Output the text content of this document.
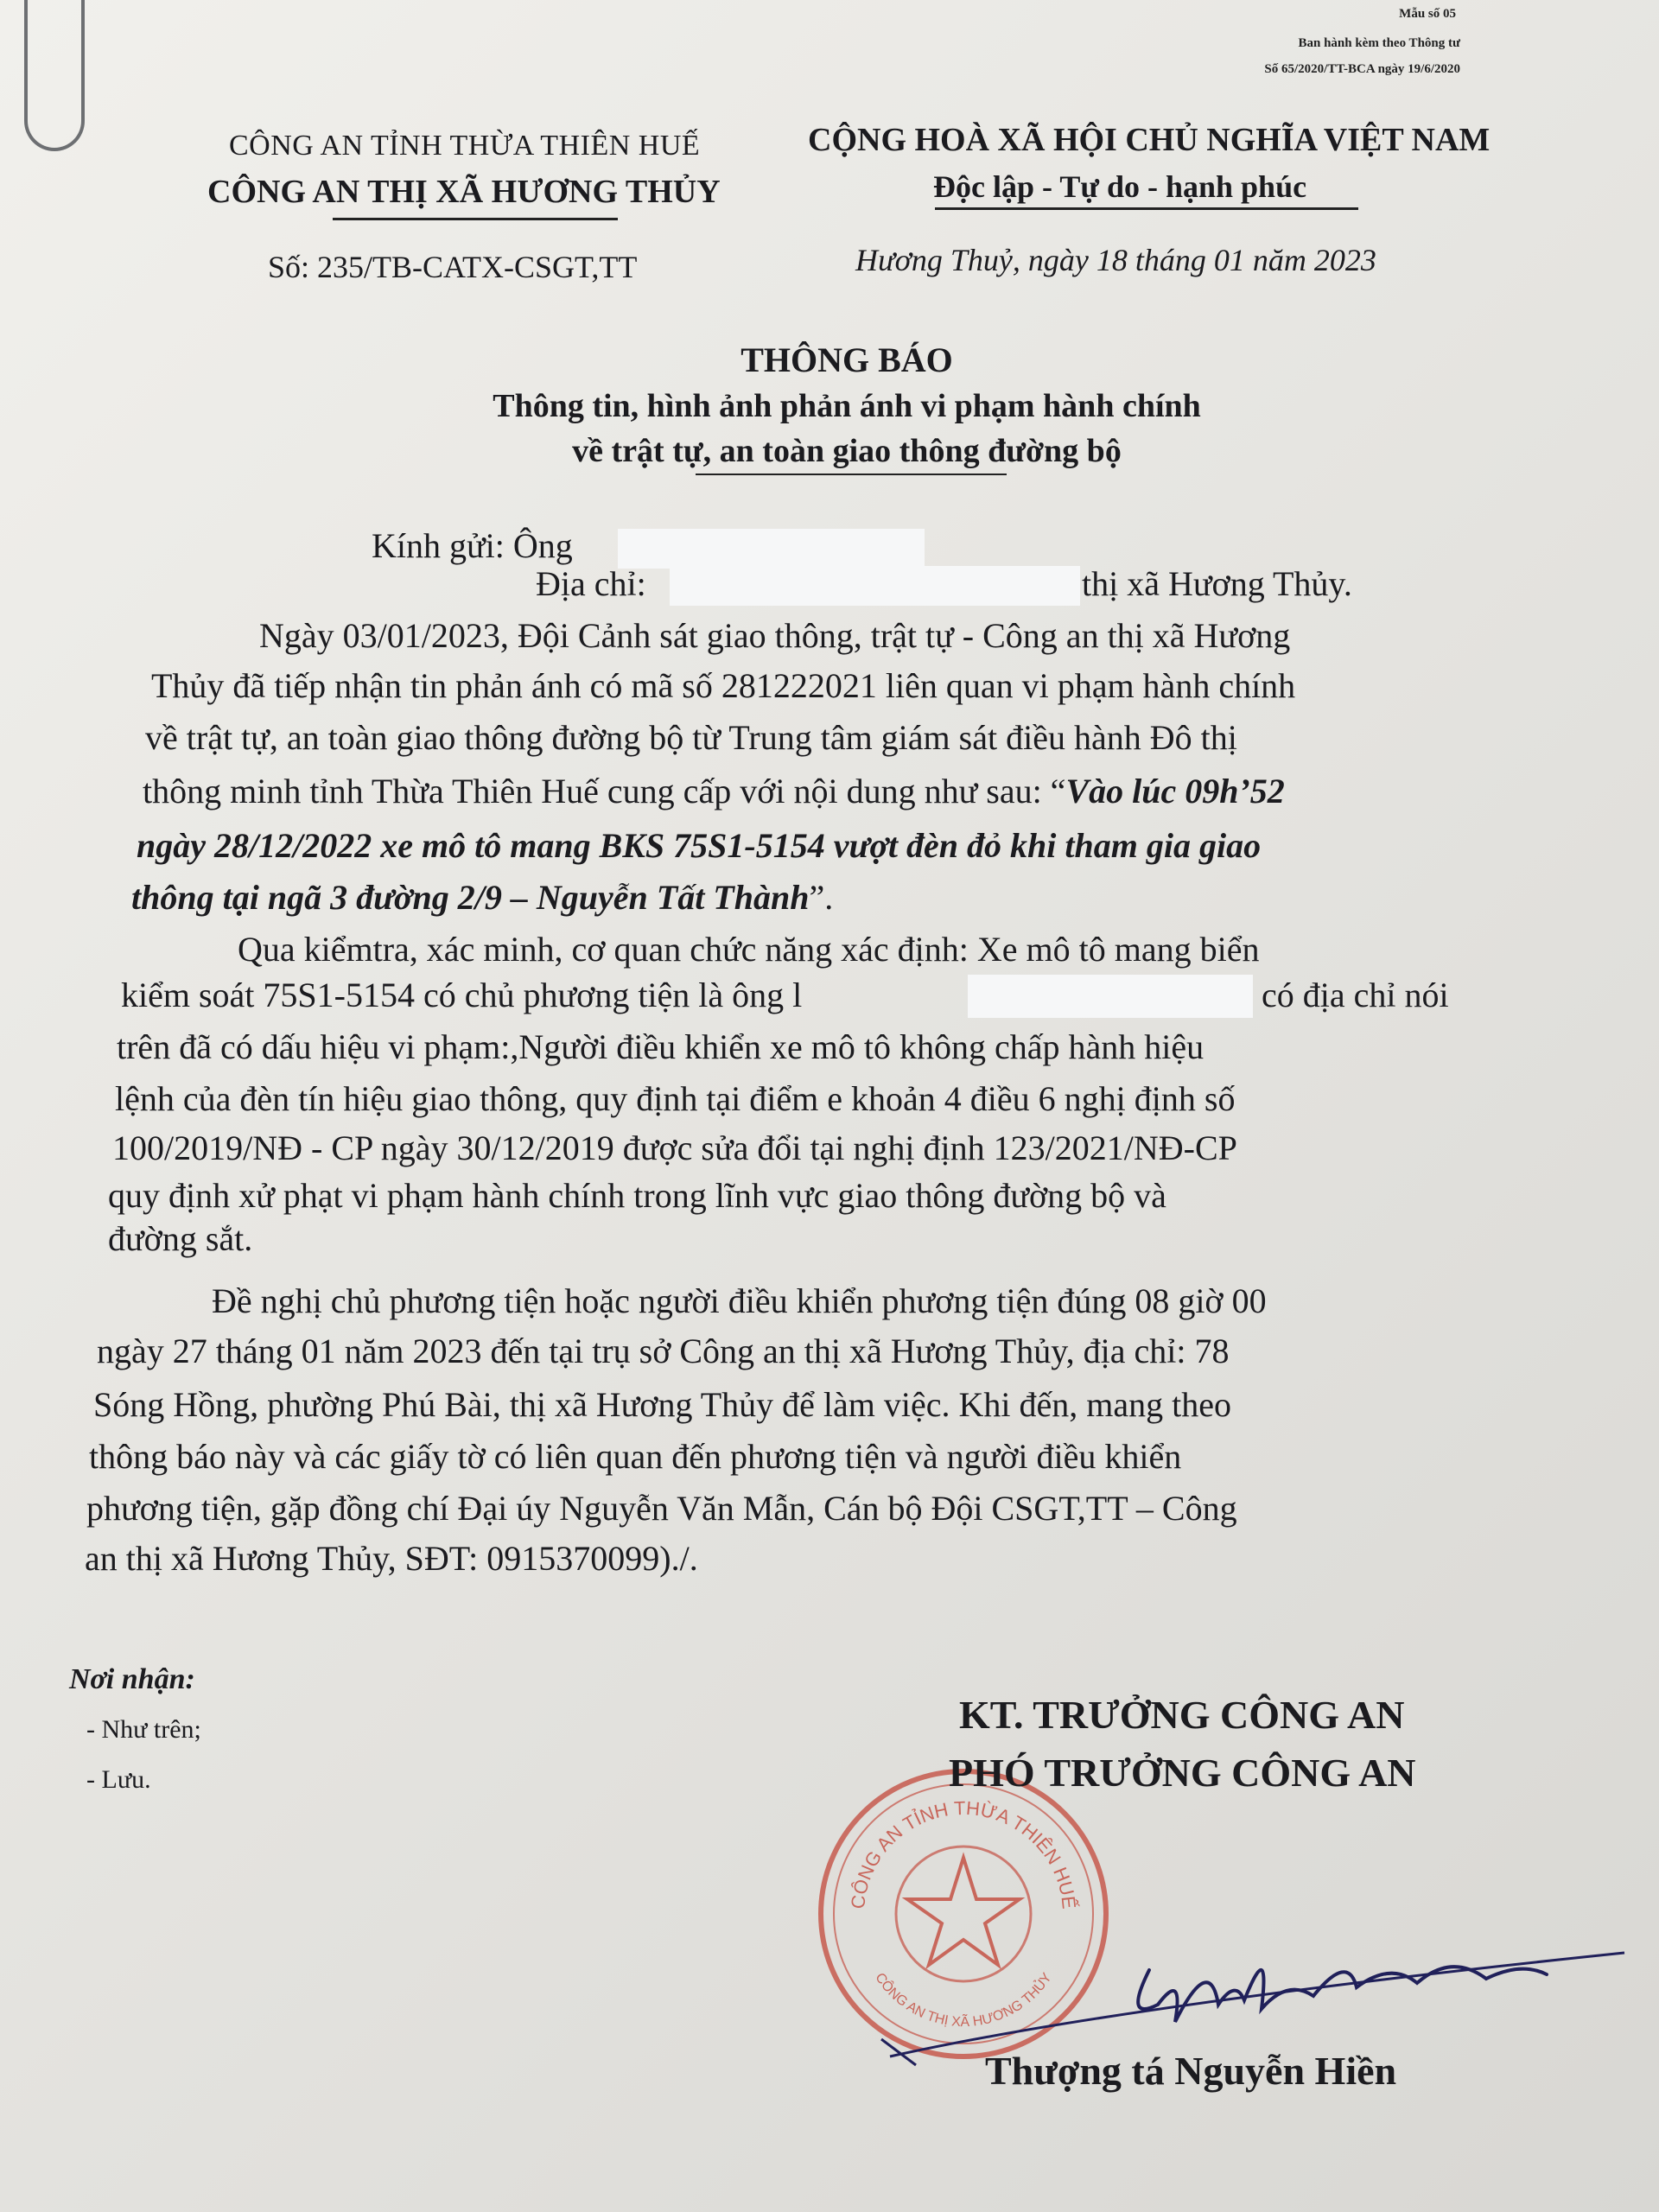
Mẫu số 05
Ban hành kèm theo Thông tư
Số 65/2020/TT-BCA ngày 19/6/2020
CÔNG AN TỈNH THỪA THIÊN HUẾ
CÔNG AN THỊ XÃ HƯƠNG THỦY
CỘNG HOÀ XÃ HỘI CHỦ NGHĨA VIỆT NAM
Độc lập - Tự do - hạnh phúc
Số: 235/TB-CATX-CSGT,TT	Hương Thuỷ, ngày 18 tháng 01 năm 2023
THÔNG BÁO
Thông tin, hình ảnh phản ánh vi phạm hành chính
về trật tự, an toàn giao thông đường bộ
Kính gửi: Ông
Địa chỉ:	thị xã Hương Thủy.
Ngày 03/01/2023, Đội Cảnh sát giao thông, trật tự - Công an thị xã Hương
Thủy đã tiếp nhận tin phản ánh có mã số 281222021 liên quan vi phạm hành chính
về trật tự, an toàn giao thông đường bộ từ Trung tâm giám sát điều hành Đô thị
thông minh tỉnh Thừa Thiên Huế cung cấp với nội dung như sau: “Vào lúc 09h’52
ngày 28/12/2022 xe mô tô mang BKS 75S1-5154 vượt đèn đỏ khi tham gia giao
thông tại ngã 3 đường 2/9 – Nguyễn Tất Thành”.
Qua kiểmtra, xác minh, cơ quan chức năng xác định: Xe mô tô mang biển
kiểm soát 75S1-5154 có chủ phương tiện là ông l	có địa chỉ nói
trên đã có dấu hiệu vi phạm:,Người điều khiển xe mô tô không chấp hành hiệu
lệnh của đèn tín hiệu giao thông, quy định tại điểm e khoản 4 điều 6 nghị định số
100/2019/NĐ - CP ngày 30/12/2019 được sửa đổi tại nghị định 123/2021/NĐ-CP
quy định xử phạt vi phạm hành chính trong lĩnh vực giao thông đường bộ và
đường sắt.
Đề nghị chủ phương tiện hoặc người điều khiển phương tiện đúng 08 giờ 00
ngày 27 tháng 01 năm 2023 đến tại trụ sở Công an thị xã Hương Thủy, địa chỉ: 78
Sóng Hồng, phường Phú Bài, thị xã Hương Thủy để làm việc. Khi đến, mang theo
thông báo này và các giấy tờ có liên quan đến phương tiện và người điều khiển
phương tiện, gặp đồng chí Đại úy Nguyễn Văn Mẫn, Cán bộ Đội CSGT,TT – Công
an thị xã Hương Thủy, SĐT: 0915370099)./.
Nơi nhận:
- Như trên;
- Lưu.
CÔNG AN TỈNH THỪA THIÊN HUẾ
CÔNG AN THỊ XÃ HƯƠNG THỦY
KT. TRƯỞNG CÔNG AN
PHÓ TRƯỞNG CÔNG AN
Thượng tá Nguyễn Hiền
